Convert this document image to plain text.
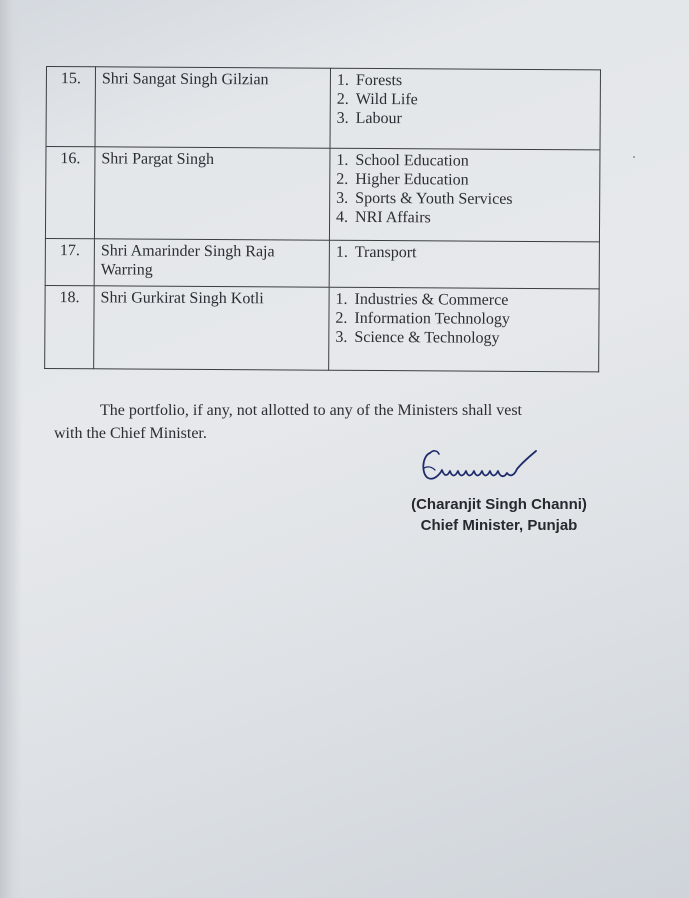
15.	Shri Sangat Singh Gilzian	1. Forests
2. Wild Life
3. Labour

16.	Shri Pargat Singh	1. School Education
2. Higher Education
3. Sports & Youth Services
4. NRI Affairs

17.	Shri Amarinder Singh Raja Warring	1. Transport

18.	Shri Gurkirat Singh Kotli	1. Industries & Commerce
2. Information Technology
3. Science & Technology
The portfolio, if any, not allotted to any of the Ministers shall vest
with the Chief Minister.
(Charanjit Singh Channi)
Chief Minister, Punjab
